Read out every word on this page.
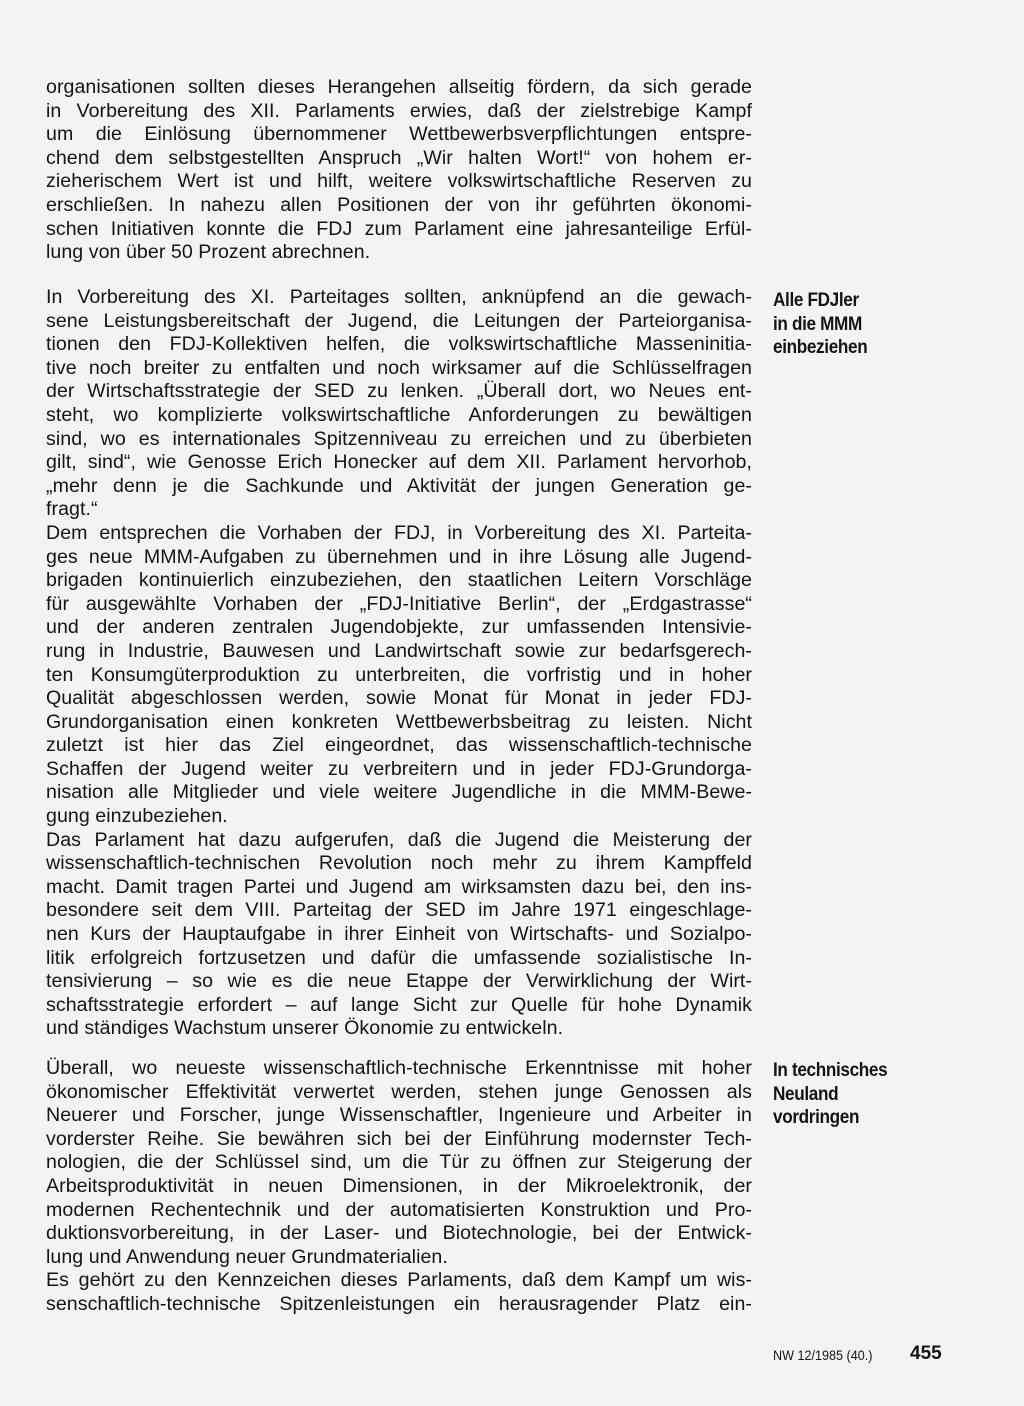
organisationen sollten dieses Herangehen allseitig fördern, da sich gerade
in Vorbereitung des XII. Parlaments erwies, daß der zielstrebige Kampf
um die Einlösung übernommener Wettbewerbsverpflichtungen entspre-
chend dem selbstgestellten Anspruch „Wir halten Wort!“ von hohem er-
zieherischem Wert ist und hilft, weitere volkswirtschaftliche Reserven zu
erschließen. In nahezu allen Positionen der von ihr geführten ökonomi-
schen Initiativen konnte die FDJ zum Parlament eine jahresanteilige Erfül-
lung von über 50 Prozent abrechnen.
In Vorbereitung des XI. Parteitages sollten, anknüpfend an die gewach-
sene Leistungsbereitschaft der Jugend, die Leitungen der Parteiorganisa-
tionen den FDJ-Kollektiven helfen, die volkswirtschaftliche Masseninitia-
tive noch breiter zu entfalten und noch wirksamer auf die Schlüsselfragen
der Wirtschaftsstrategie der SED zu lenken. „Überall dort, wo Neues ent-
steht, wo komplizierte volkswirtschaftliche Anforderungen zu bewältigen
sind, wo es internationales Spitzenniveau zu erreichen und zu überbieten
gilt, sind“, wie Genosse Erich Honecker auf dem XII. Parlament hervorhob,
„mehr denn je die Sachkunde und Aktivität der jungen Generation ge-
fragt.“
Dem entsprechen die Vorhaben der FDJ, in Vorbereitung des XI. Parteita-
ges neue MMM-Aufgaben zu übernehmen und in ihre Lösung alle Jugend-
brigaden kontinuierlich einzubeziehen, den staatlichen Leitern Vorschläge
für ausgewählte Vorhaben der „FDJ-Initiative Berlin“, der „Erdgastrasse“
und der anderen zentralen Jugendobjekte, zur umfassenden Intensivie-
rung in Industrie, Bauwesen und Landwirtschaft sowie zur bedarfsgerech-
ten Konsumgüterproduktion zu unterbreiten, die vorfristig und in hoher
Qualität abgeschlossen werden, sowie Monat für Monat in jeder FDJ-
Grundorganisation einen konkreten Wettbewerbsbeitrag zu leisten. Nicht
zuletzt ist hier das Ziel eingeordnet, das wissenschaftlich-technische
Schaffen der Jugend weiter zu verbreitern und in jeder FDJ-Grundorga-
nisation alle Mitglieder und viele weitere Jugendliche in die MMM-Bewe-
gung einzubeziehen.
Das Parlament hat dazu aufgerufen, daß die Jugend die Meisterung der
wissenschaftlich-technischen Revolution noch mehr zu ihrem Kampffeld
macht. Damit tragen Partei und Jugend am wirksamsten dazu bei, den ins-
besondere seit dem VIII. Parteitag der SED im Jahre 1971 eingeschlage-
nen Kurs der Hauptaufgabe in ihrer Einheit von Wirtschafts- und Sozialpo-
litik erfolgreich fortzusetzen und dafür die umfassende sozialistische In-
tensivierung – so wie es die neue Etappe der Verwirklichung der Wirt-
schaftsstrategie erfordert – auf lange Sicht zur Quelle für hohe Dynamik
und ständiges Wachstum unserer Ökonomie zu entwickeln.
Überall, wo neueste wissenschaftlich-technische Erkenntnisse mit hoher
ökonomischer Effektivität verwertet werden, stehen junge Genossen als
Neuerer und Forscher, junge Wissenschaftler, Ingenieure und Arbeiter in
vorderster Reihe. Sie bewähren sich bei der Einführung modernster Tech-
nologien, die der Schlüssel sind, um die Tür zu öffnen zur Steigerung der
Arbeitsproduktivität in neuen Dimensionen, in der Mikroelektronik, der
modernen Rechentechnik und der automatisierten Konstruktion und Pro-
duktionsvorbereitung, in der Laser- und Biotechnologie, bei der Entwick-
lung und Anwendung neuer Grundmaterialien.
Es gehört zu den Kennzeichen dieses Parlaments, daß dem Kampf um wis-
senschaftlich-technische Spitzenleistungen ein herausragender Platz ein-
Alle FDJler
in die MMM
einbeziehen
In technisches
Neuland
vordringen
NW 12/1985 (40.) 455
